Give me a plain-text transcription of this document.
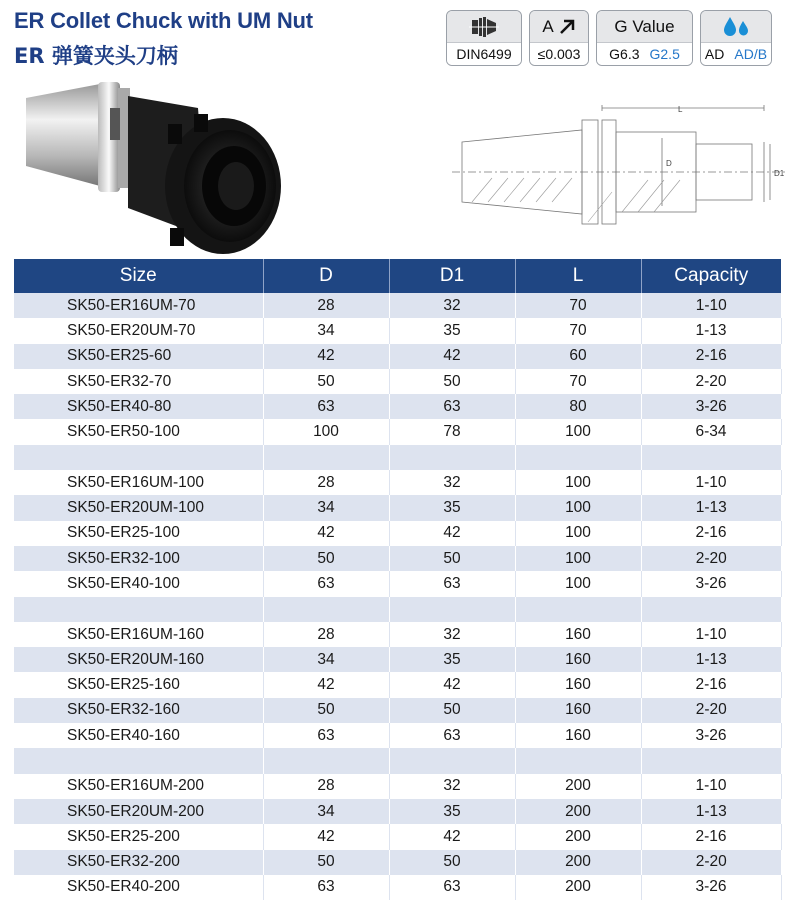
ER Collet Chuck with UM Nut
ER 弹簧夹头刀柄	DIN6499
A
≤0.003
G Value
G6.3 G2.5 AD AD/B
L
D
D1
Size	D	D1	L	Capacity
SK50-ER16UM-70	28	32	70	1-10
SK50-ER20UM-70	34	35	70	1-13
SK50-ER25-60	42	42	60	2-16
SK50-ER32-70	50	50	70	2-20
SK50-ER40-80	63	63	80	3-26
SK50-ER50-100	100	78	100	6-34

SK50-ER16UM-100	28	32	100	1-10
SK50-ER20UM-100	34	35	100	1-13
SK50-ER25-100	42	42	100	2-16
SK50-ER32-100	50	50	100	2-20
SK50-ER40-100	63	63	100	3-26

SK50-ER16UM-160	28	32	160	1-10
SK50-ER20UM-160	34	35	160	1-13
SK50-ER25-160	42	42	160	2-16
SK50-ER32-160	50	50	160	2-20
SK50-ER40-160	63	63	160	3-26

SK50-ER16UM-200	28	32	200	1-10
SK50-ER20UM-200	34	35	200	1-13
SK50-ER25-200	42	42	200	2-16
SK50-ER32-200	50	50	200	2-20
SK50-ER40-200	63	63	200	3-26
